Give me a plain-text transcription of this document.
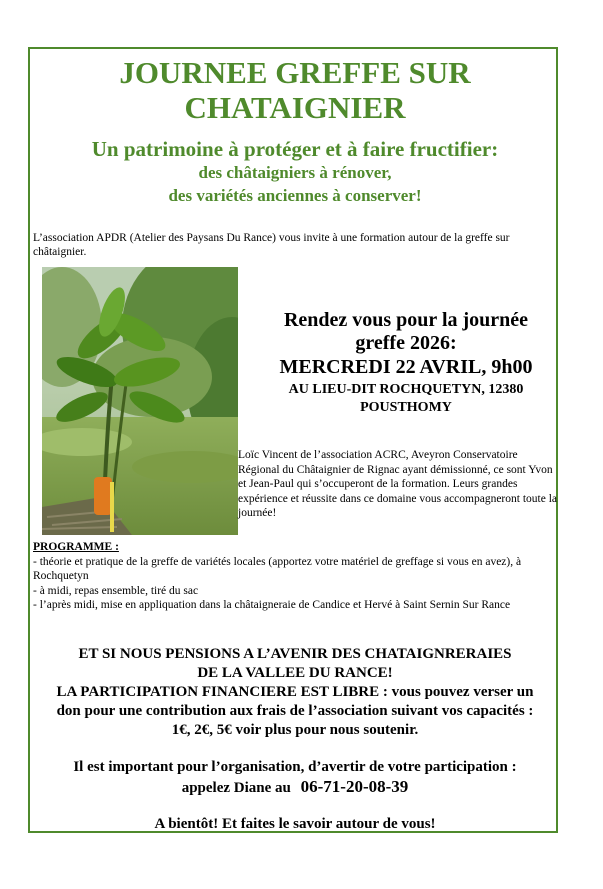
JOURNEE GREFFE SUR
CHATAIGNIER

Un patrimoine à protéger et à faire fructifier:

des châtaigniers à rénover,

des variétés anciennes à conserver!

L’association APDR (Atelier des Paysans Du Rance) vous invite à une formation autour de la greffe sur châtaignier.

Rendez vous pour la journée
greffe 2026:

MERCREDI 22 AVRIL, 9h00

AU LIEU-DIT ROCHQUETYN, 12380
POUSTHOMY

Loïc Vincent de l’association ACRC, Aveyron Conservatoire Régional du Châtaignier de Rignac ayant démissionné, ce sont Yvon et Jean-Paul qui s’occuperont de la formation. Leurs grandes expérience et réussite dans ce domaine vous accompagneront toute la journée!

PROGRAMME :
- théorie et pratique de la greffe de variétés locales (apportez votre matériel de greffage si vous en avez), à Rochquetyn
- à midi, repas ensemble, tiré du sac
- l’après midi, mise en appliquation dans la châtaigneraie de Candice et Hervé à Saint Sernin Sur Rance

ET SI NOUS PENSIONS A L’AVENIR DES CHATAIGNRERAIES
DE LA VALLEE DU RANCE!

LA PARTICIPATION FINANCIERE EST LIBRE : vous pouvez verser un
don pour une contribution aux frais de l’association suivant vos capacités :
1€, 2€, 5€ voir plus pour nous soutenir.

Il est important pour l’organisation, d’avertir de votre participation :
appelez Diane au 06-71-20-08-39

A bientôt! Et faites le savoir autour de vous!
